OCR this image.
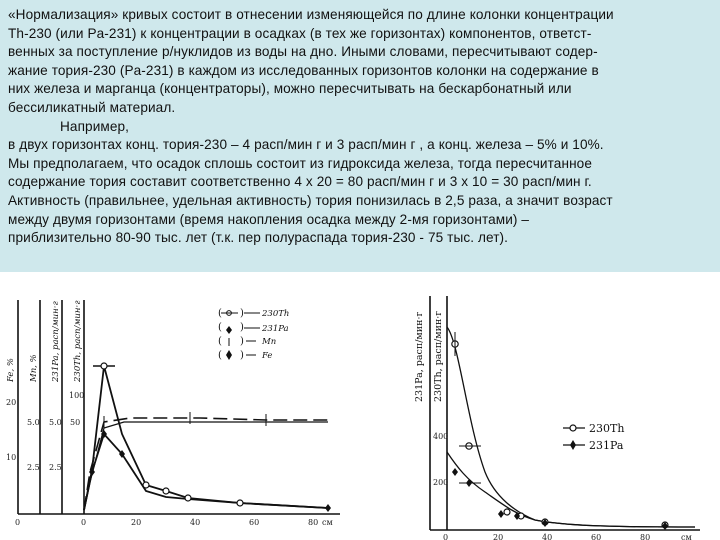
«Нормализация» кривых состоит в отнесении изменяющейся по длине колонки концентрации
Th-230 (или Pa-231) к концентрации в осадках (в тех же горизонтах) компонентов, ответст-
венных за поступление р/нуклидов из воды на дно. Иными словами, пересчитывают содер-
жание тория-230 (Pa-231) в каждом из исследованных горизонтов колонки на содержание в
них железа и марганца (концентраторы), можно пересчитывать на бескарбонатный или
бессиликатный материал.

Например,
в двух горизонтах конц. тория-230 – 4 расп/мин г и 3 расп/мин г , а конц. железа – 5% и 10%.
Мы предполагаем, что осадок сплошь состоит из гидроксида железа, тогда пересчитанное
содержание тория составит соответственно 4 х 20 = 80 расп/мин г и 3 х 10 = 30 расп/мин г.
Активность (правильнее, удельная активность) тория понизилась в 2,5 раза, а значит возраст
между двумя горизонтами (время накопления осадка между 2-мя горизонтами) –
приблизительно 80-90 тыс. лет (т.к. пер полураспада тория-230 - 75 тыс. лет).

Fe, % Mn, % 231Pa, расп/мин·г 230Th, расп/мин·г
20
10
5.0
2.5
5.0
2.5
100
50
0	0	20	40	60	80 см
( ) 230Th
( ) 231Pa
( ) Mn
( ) Fe	231Pa, расп/мин·г 230Th, расп/мин·г
400
200
0	20	40	60	80	см
230Th
231Pa
